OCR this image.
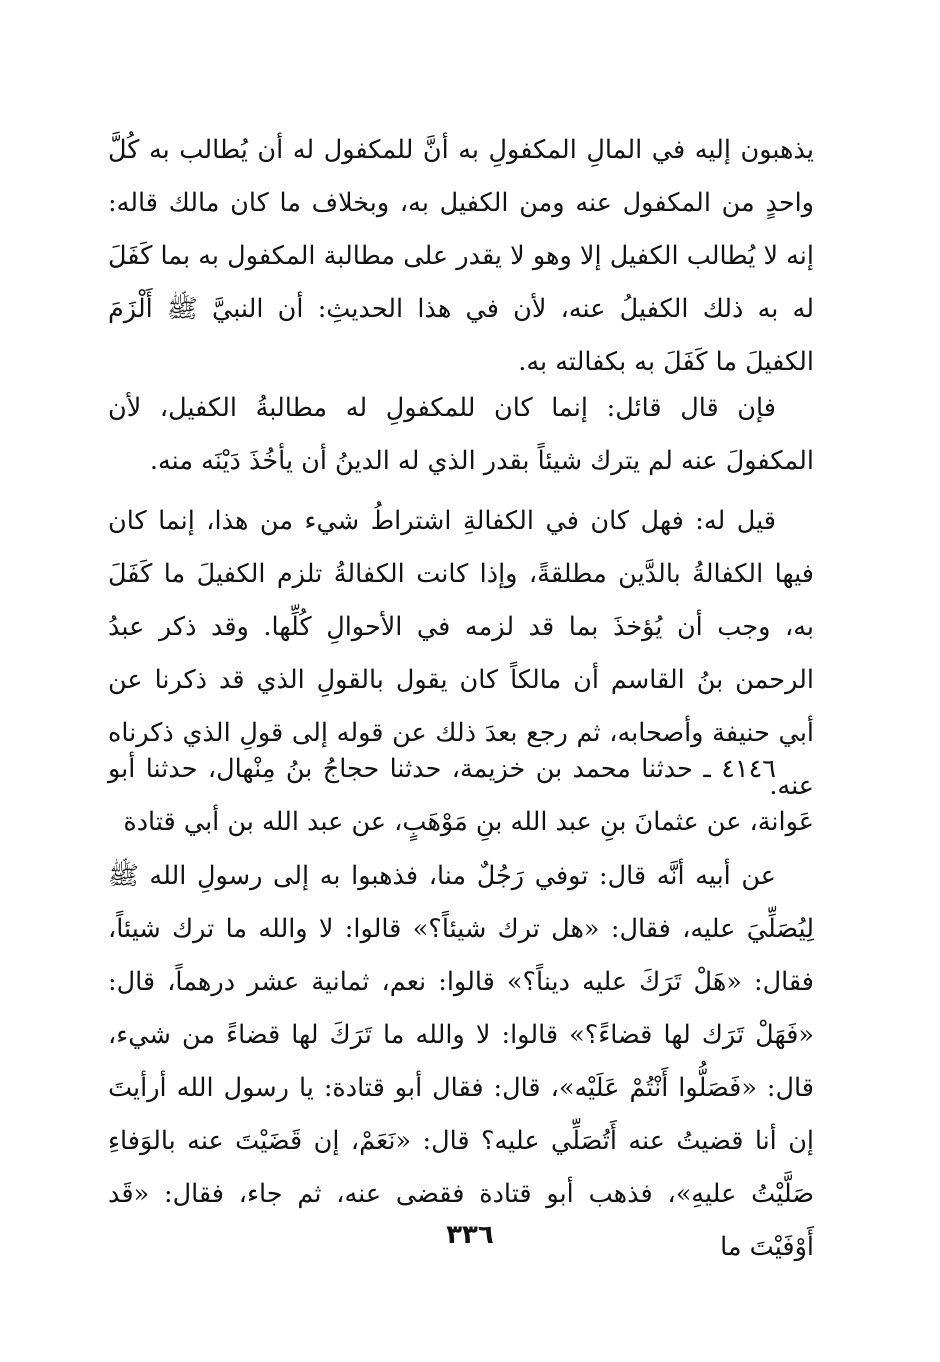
يذهبون إليه في المالِ المكفولِ به أنَّ للمكفول له أن يُطالب به كُلَّ واحدٍ من المكفول عنه ومن الكفيل به، وبخلاف ما كان مالك قاله: إنه لا يُطالب الكفيل إلا وهو لا يقدر على مطالبة المكفول به بما كَفَلَ له به ذلك الكفيلُ عنه، لأن في هذا الحديثِ: أن النبيَّ ﷺ أَلْزَمَ الكفيلَ ما كَفَلَ به بكفالته به.

فإن قال قائل: إنما كان للمكفولِ له مطالبةُ الكفيل، لأن المكفولَ عنه لم يترك شيئاً بقدر الذي له الدينُ أن يأخُذَ دَيْنَه منه.

قيل له: فهل كان في الكفالةِ اشتراطُ شيء من هذا، إنما كان فيها الكفالةُ بالدَّين مطلقةً، وإذا كانت الكفالةُ تلزم الكفيلَ ما كَفَلَ به، وجب أن يُؤخذَ بما قد لزمه في الأحوالِ كُلِّها. وقد ذكر عبدُ الرحمن بنُ القاسم أن مالكاً كان يقول بالقولِ الذي قد ذكرنا عن أبي حنيفة وأصحابه، ثم رجع بعدَ ذلك عن قوله إلى قولِ الذي ذكرناه عنه.

٤١٤٦ ـ حدثنا محمد بن خزيمة، حدثنا حجاجُ بنُ مِنْهال، حدثنا أبو عَوانة، عن عثمانَ بنِ عبد الله بنِ مَوْهَبٍ، عن عبد الله بن أبي قتادة

عن أبيه أنَّه قال: توفي رَجُلٌ منا، فذهبوا به إلى رسولِ الله ﷺ لِيُصَلِّيَ عليه، فقال: «هل ترك شيئاً؟» قالوا: لا والله ما ترك شيئاً، فقال: «هَلْ تَرَكَ عليه ديناً؟» قالوا: نعم، ثمانية عشر درهماً، قال: «فَهَلْ تَرَك لها قضاءً؟» قالوا: لا والله ما تَرَكَ لها قضاءً من شيء، قال: «فَصَلُّوا أَنْتُمْ عَلَيْه»، قال: فقال أبو قتادة: يا رسول الله أرأيتَ إن أنا قضيتُ عنه أَتُصَلِّي عليه؟ قال: «نَعَمْ، إن قَضَيْتَ عنه بالوَفاءِ صَلَّيْتُ عليهِ»، فذهب أبو قتادة فقضى عنه، ثم جاء، فقال: «قَد أَوْفَيْتَ ما

٣٣٦
